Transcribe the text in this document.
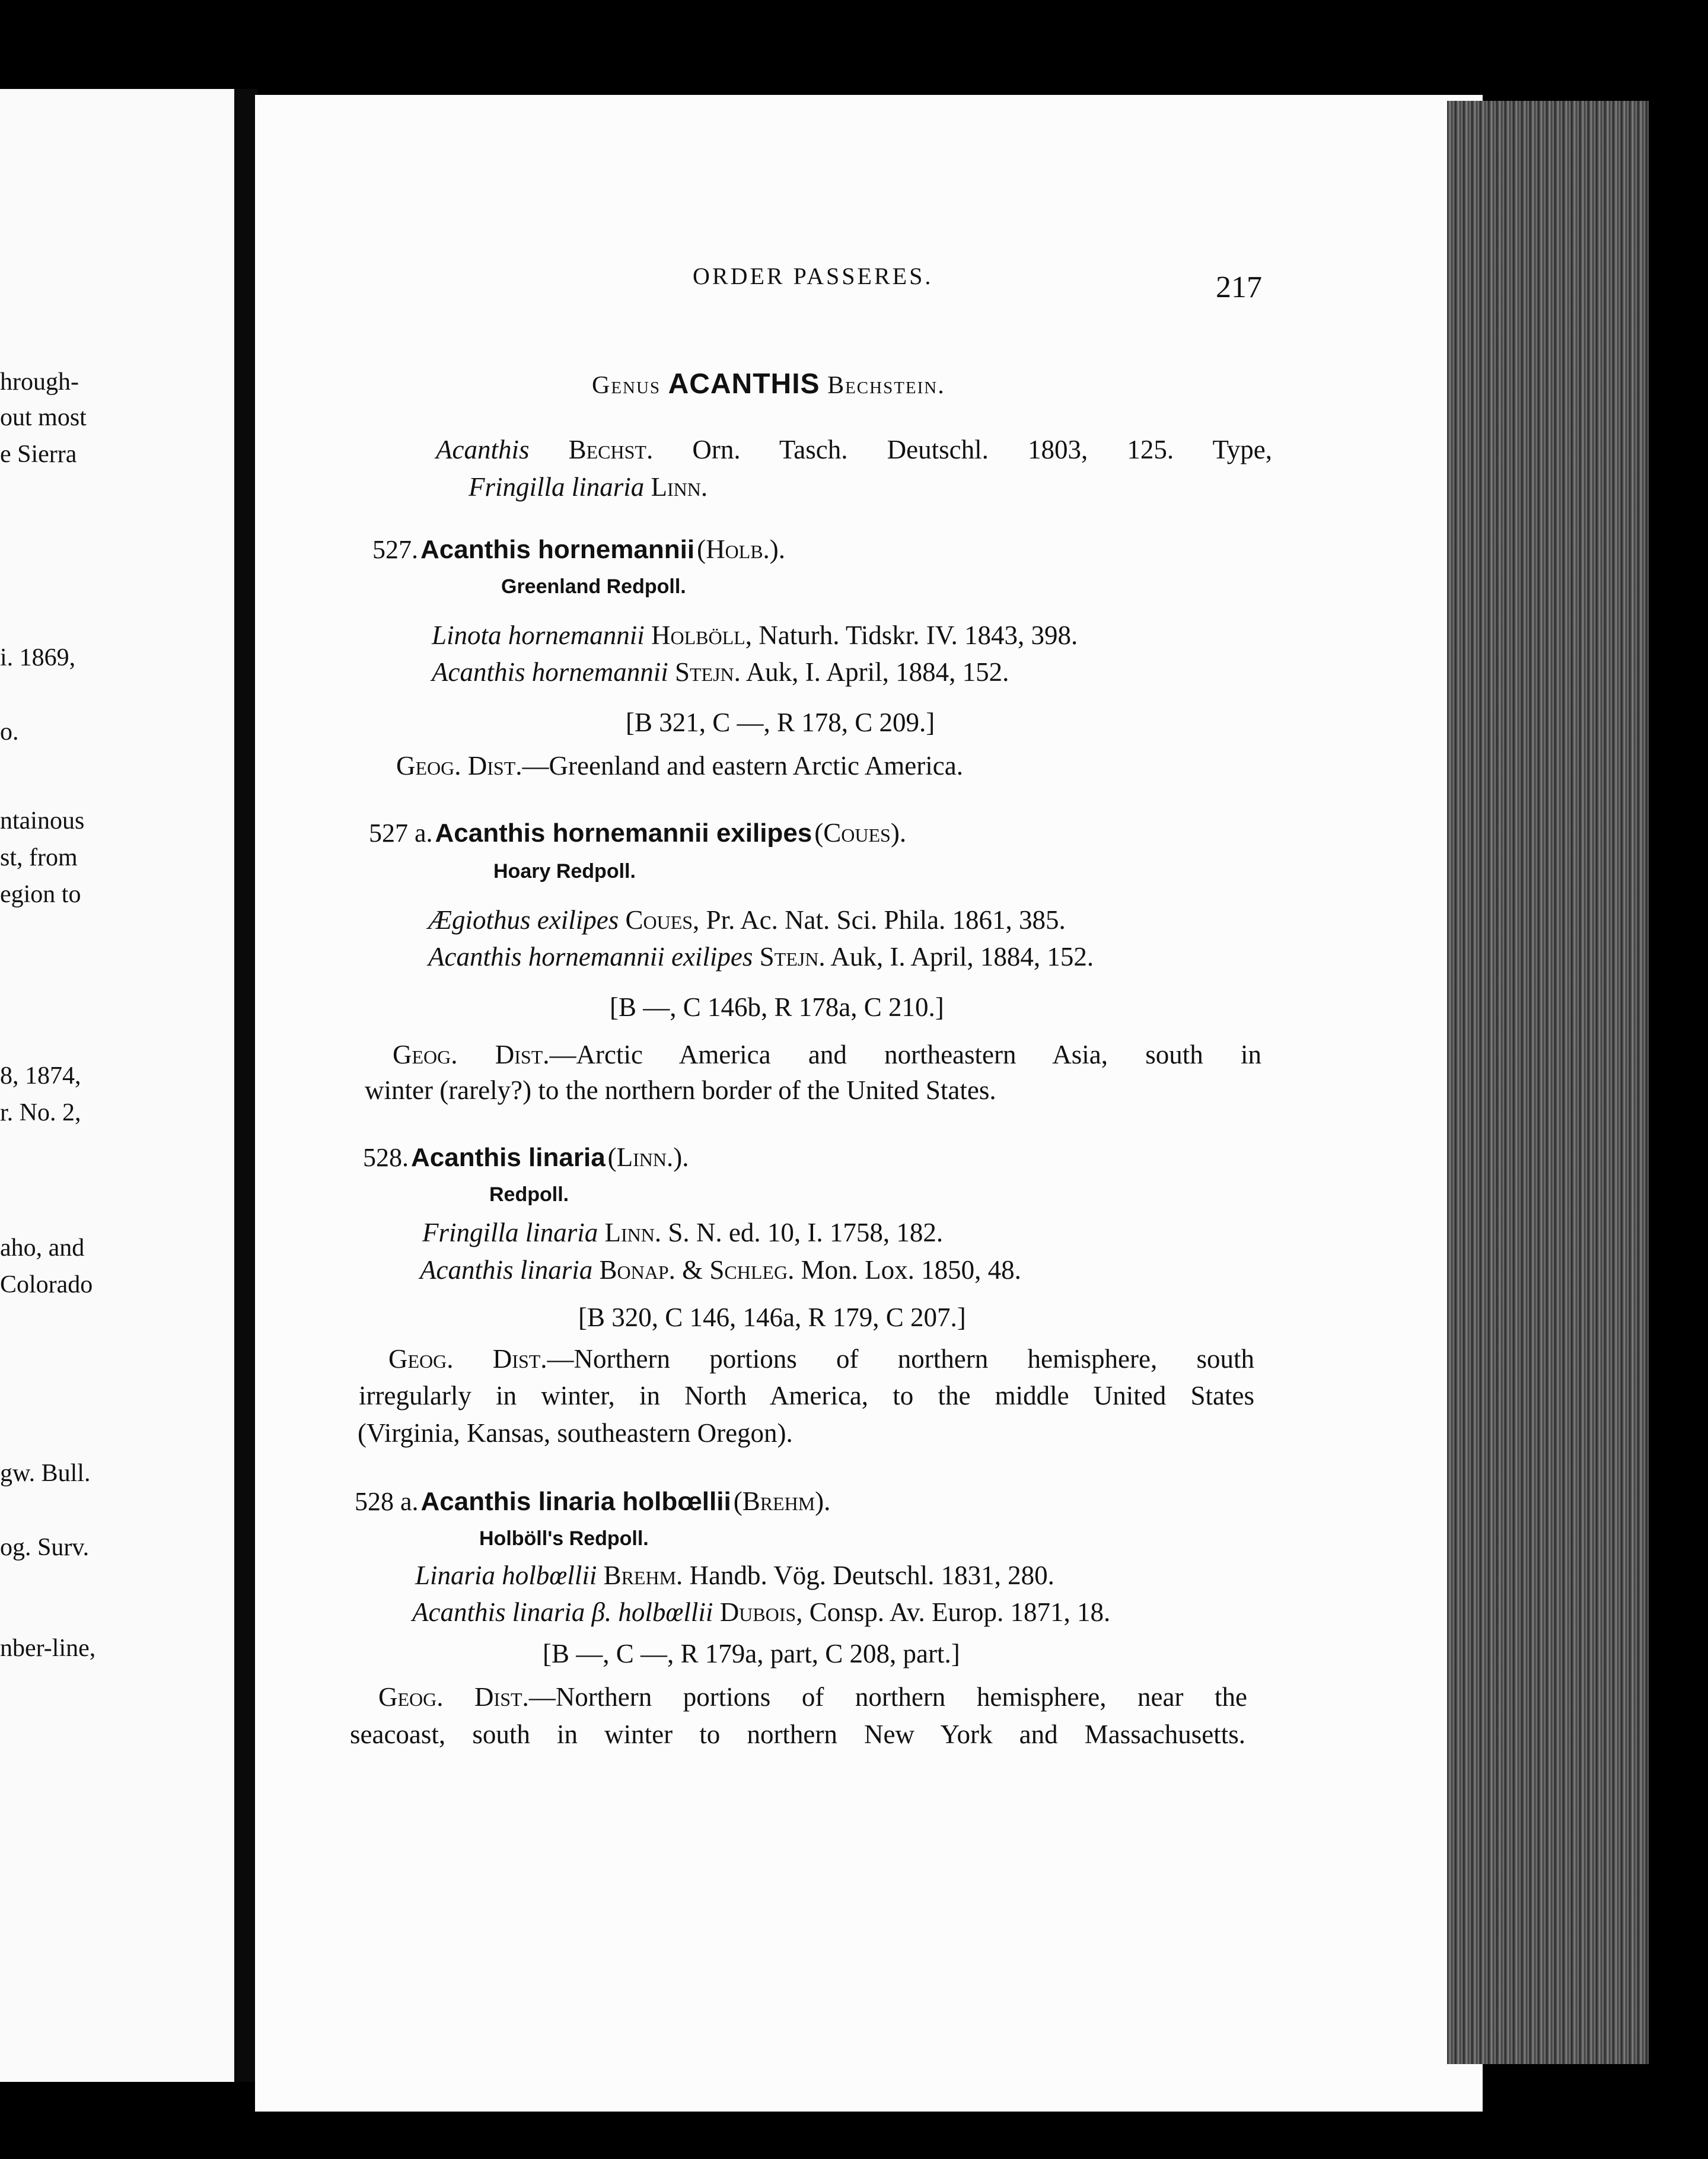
hrough-
out most
e Sierra
i. 1869,
o.
ntainous
st, from
egion to
8, 1874,
r. No. 2,
aho, and
Colorado
gw. Bull.
og. Surv.
nber-line,
ORDER PASSERES.	217
Genus ACANTHIS Bechstein.
Acanthis Bechst. Orn. Tasch. Deutschl. 1803, 125. Type,
Fringilla linaria Linn.
527. Acanthis hornemannii (Holb.).
Greenland Redpoll.
Linota hornemannii Holböll, Naturh. Tidskr. IV. 1843, 398.
Acanthis hornemannii Stejn. Auk, I. April, 1884, 152.
[B 321, C —, R 178, C 209.]
Geog. Dist.—Greenland and eastern Arctic America.
527 a. Acanthis hornemannii exilipes (Coues).
Hoary Redpoll.
Ægiothus exilipes Coues, Pr. Ac. Nat. Sci. Phila. 1861, 385.
Acanthis hornemannii exilipes Stejn. Auk, I. April, 1884, 152.
[B —, C 146b, R 178a, C 210.]
Geog. Dist.—Arctic America and northeastern Asia, south in
winter (rarely?) to the northern border of the United States.
528. Acanthis linaria (Linn.).
Redpoll.
Fringilla linaria Linn. S. N. ed. 10, I. 1758, 182.
Acanthis linaria Bonap. & Schleg. Mon. Lox. 1850, 48.
[B 320, C 146, 146a, R 179, C 207.]
Geog. Dist.—Northern portions of northern hemisphere, south
irregularly in winter, in North America, to the middle United States
(Virginia, Kansas, southeastern Oregon).
528 a. Acanthis linaria holbœllii (Brehm).
Holböll's Redpoll.
Linaria holbœllii Brehm. Handb. Vög. Deutschl. 1831, 280.
Acanthis linaria β. holbœllii Dubois, Consp. Av. Europ. 1871, 18.
[B —, C —, R 179a, part, C 208, part.]
Geog. Dist.—Northern portions of northern hemisphere, near the
seacoast, south in winter to northern New York and Massachusetts.
